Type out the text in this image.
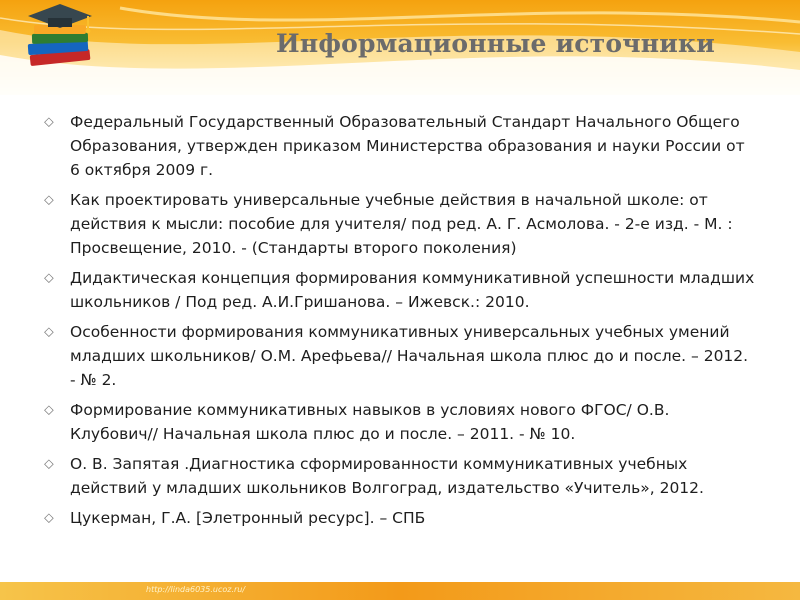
Информационные источники
⬦	Федеральный Государственный Образовательный Стандарт Начального Общего Образования, утвержден приказом Министерства образования и науки России от 6 октября 2009 г.
⬦	Как проектировать универсальные учебные действия в начальной школе: от действия к мысли: пособие для учителя/ под ред. А. Г. Асмолова. - 2-е изд. - М. : Просвещение, 2010. - (Стандарты второго поколения)
⬦	Дидактическая концепция формирования коммуникативной успешности младших школьников / Под ред. А.И.Гришанова. – Ижевск.: 2010.
⬦	Особенности формирования коммуникативных универсальных учебных умений младших школьников/ О.М. Арефьева// Начальная школа плюс до и после. – 2012. - № 2.
⬦	Формирование коммуникативных навыков в условиях нового ФГОС/ О.В. Клубович// Начальная школа плюс до и после. – 2011. - № 10.
⬦	О. В. Запятая .Диагностика сформированности коммуникативных учебных действий у младших школьников Волгоград, издательство «Учитель», 2012.
⬦	Цукерман, Г.А. [Элетронный ресурс]. – СПБ
http://linda6035.ucoz.ru/
